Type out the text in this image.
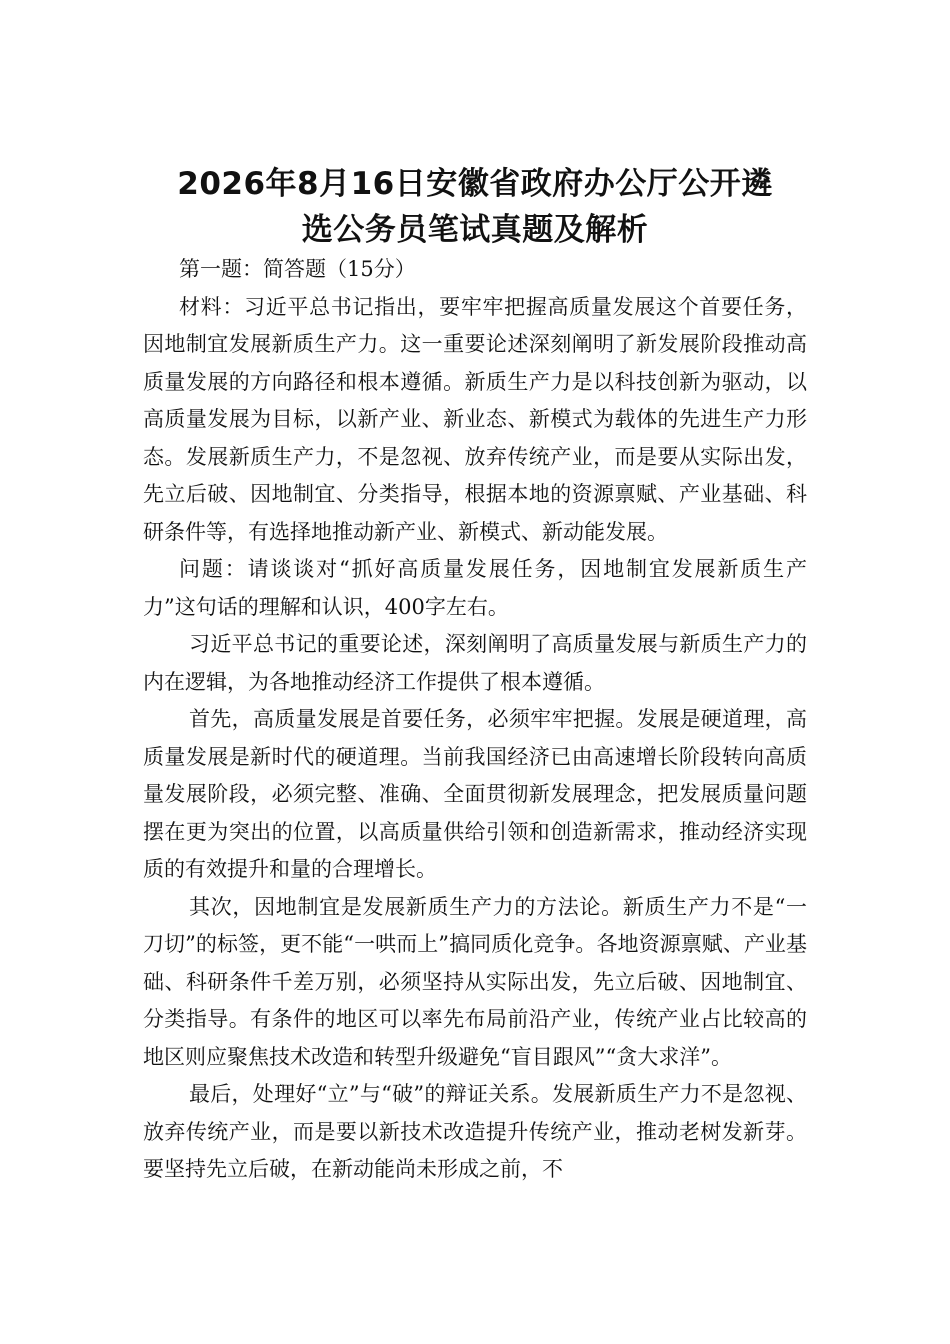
2026年8月16日安徽省政府办公厅公开遴
选公务员笔试真题及解析

第一题：简答题（15分）

材料：习近平总书记指出，要牢牢把握高质量发展这个首要任务，因地制宜发展新质生产力。这一重要论述深刻阐明了新发展阶段推动高质量发展的方向路径和根本遵循。新质生产力是以科技创新为驱动，以高质量发展为目标，以新产业、新业态、新模式为载体的先进生产力形态。发展新质生产力，不是忽视、放弃传统产业，而是要从实际出发，先立后破、因地制宜、分类指导，根据本地的资源禀赋、产业基础、科研条件等，有选择地推动新产业、新模式、新动能发展。

问题：请谈谈对“抓好高质量发展任务，因地制宜发展新质生产力”这句话的理解和认识，400字左右。

习近平总书记的重要论述，深刻阐明了高质量发展与新质生产力的内在逻辑，为各地推动经济工作提供了根本遵循。

首先，高质量发展是首要任务，必须牢牢把握。发展是硬道理，高质量发展是新时代的硬道理。当前我国经济已由高速增长阶段转向高质量发展阶段，必须完整、准确、全面贯彻新发展理念，把发展质量问题摆在更为突出的位置，以高质量供给引领和创造新需求，推动经济实现质的有效提升和量的合理增长。

其次，因地制宜是发展新质生产力的方法论。新质生产力不是“一刀切”的标签，更不能“一哄而上”搞同质化竞争。各地资源禀赋、产业基础、科研条件千差万别，必须坚持从实际出发，先立后破、因地制宜、分类指导。有条件的地区可以率先布局前沿产业，传统产业占比较高的地区则应聚焦技术改造和转型升级避免“盲目跟风”“贪大求洋”。

最后，处理好“立”与“破”的辩证关系。发展新质生产力不是忽视、放弃传统产业，而是要以新技术改造提升传统产业，推动老树发新芽。要坚持先立后破，在新动能尚未形成之前，不
